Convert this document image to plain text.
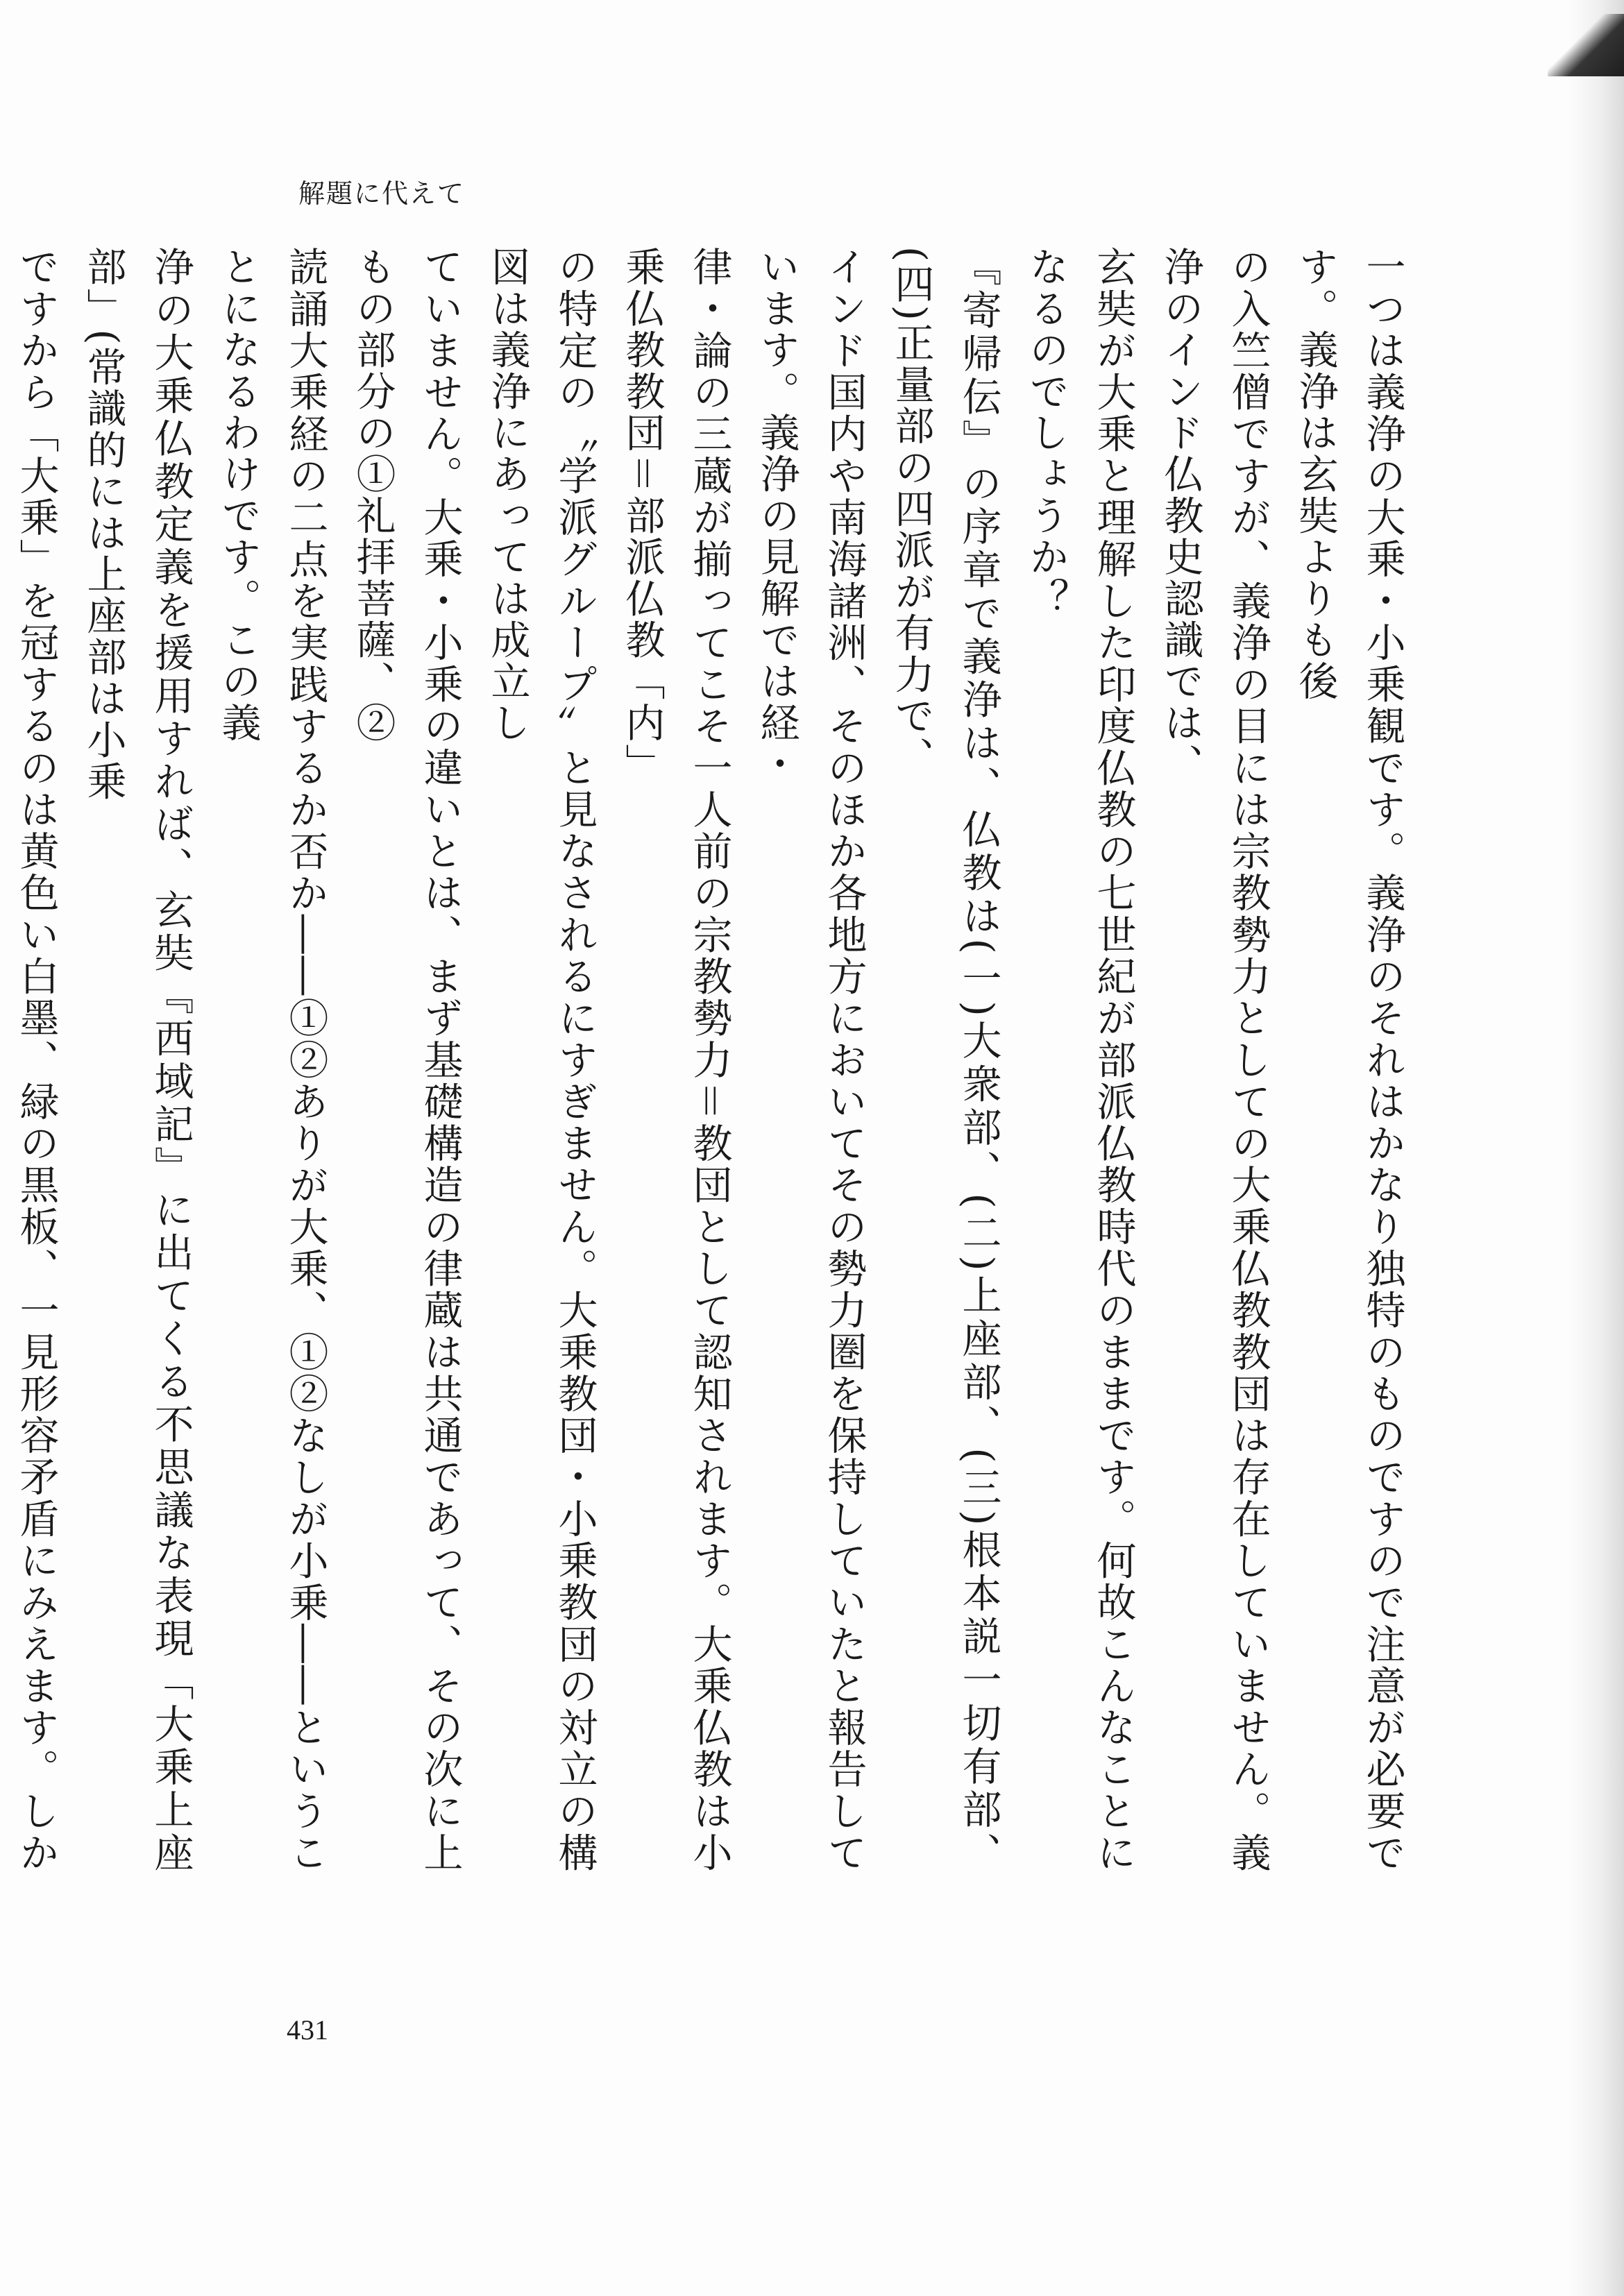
解題に代えて
一つは義浄の大乗・小乗観です。義浄のそれはかなり独特のものですので注意が必要です。義浄は玄奘よりも後
の入竺僧ですが、義浄の目には宗教勢力としての大乗仏教教団は存在していません。義浄のインド仏教史認識では、
玄奘が大乗と理解した印度仏教の七世紀が部派仏教時代のままです。何故こんなことになるのでしょうか？
『寄帰伝』の序章で義浄は、仏教は(一)大衆部、(二)上座部、(三)根本説一切有部、(四)正量部の四派が有力で、
インド国内や南海諸洲、そのほか各地方においてその勢力圏を保持していたと報告しています。義浄の見解では経・
律・論の三蔵が揃ってこそ一人前の宗教勢力＝教団として認知されます。大乗仏教は小乗仏教教団＝部派仏教「内」
の特定の〝学派グループ〟と見なされるにすぎません。大乗教団・小乗教団の対立の構図は義浄にあっては成立し
ていません。大乗・小乗の違いとは、まず基礎構造の律蔵は共通であって、その次に上もの部分の①礼拝菩薩、②
読誦大乗経の二点を実践するか否か――①②ありが大乗、①②なしが小乗――ということになるわけです。この義
浄の大乗仏教定義を援用すれば、玄奘『西域記』に出てくる不思議な表現「大乗上座部」(常識的には上座部は小乗
ですから「大乗」を冠するのは黄色い白墨、緑の黒板、一見形容矛盾にみえます。しか
431
